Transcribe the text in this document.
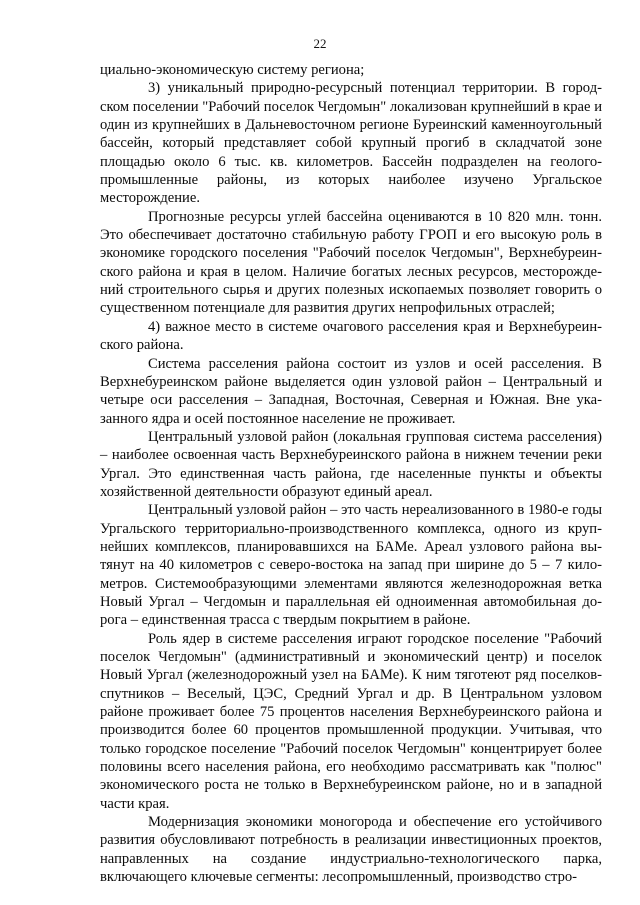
22

циально-экономическую систему региона;

3) уникальный природно-ресурсный потенциал территории. В городском поселении "Рабочий поселок Чегдомын" локализован крупнейший в крае и один из крупнейших в Дальневосточном регионе Буреинский каменноугольный бассейн, который представляет собой крупный прогиб в складчатой зоне площадью около 6 тыс. кв. километров. Бассейн подразделен на геолого-промышленные районы, из которых наиболее изучено Ургальское месторождение.

Прогнозные ресурсы углей бассейна оцениваются в 10 820 млн. тонн. Это обеспечивает достаточно стабильную работу ГРОП и его высокую роль в экономике городского поселения "Рабочий поселок Чегдомын", Верхнебуреинского района и края в целом. Наличие богатых лесных ресурсов, месторождений строительного сырья и других полезных ископаемых позволяет говорить о существенном потенциале для развития других непрофильных отраслей;

4) важное место в системе очагового расселения края и Верхнебуреинского района.

Система расселения района состоит из узлов и осей расселения. В Верхнебуреинском районе выделяется один узловой район – Центральный и четыре оси расселения – Западная, Восточная, Северная и Южная. Вне указанного ядра и осей постоянное население не проживает.

Центральный узловой район (локальная групповая система расселения) – наиболее освоенная часть Верхнебуреинского района в нижнем течении реки Ургал. Это единственная часть района, где населенные пункты и объекты хозяйственной деятельности образуют единый ареал.

Центральный узловой район – это часть нереализованного в 1980-е годы Ургальского территориально-производственного комплекса, одного из крупнейших комплексов, планировавшихся на БАМе. Ареал узлового района вытянут на 40 километров с северо-востока на запад при ширине до 5 – 7 километров. Системообразующими элементами являются железнодорожная ветка Новый Ургал – Чегдомын и параллельная ей одноименная автомобильная дорога – единственная трасса с твердым покрытием в районе.

Роль ядер в системе расселения играют городское поселение "Рабочий поселок Чегдомын" (административный и экономический центр) и поселок Новый Ургал (железнодорожный узел на БАМе). К ним тяготеют ряд поселков-спутников – Веселый, ЦЭС, Средний Ургал и др. В Центральном узловом районе проживает более 75 процентов населения Верхнебуреинского района и производится более 60 процентов промышленной продукции. Учитывая, что только городское поселение "Рабочий поселок Чегдомын" концентрирует более половины всего населения района, его необходимо рассматривать как "полюс" экономического роста не только в Верхнебуреинском районе, но и в западной части края.

Модернизация экономики моногорода и обеспечение его устойчивого развития обусловливают потребность в реализации инвестиционных проектов, направленных на создание индустриально-технологического парка, включающего ключевые сегменты: лесопромышленный, производство стро-
